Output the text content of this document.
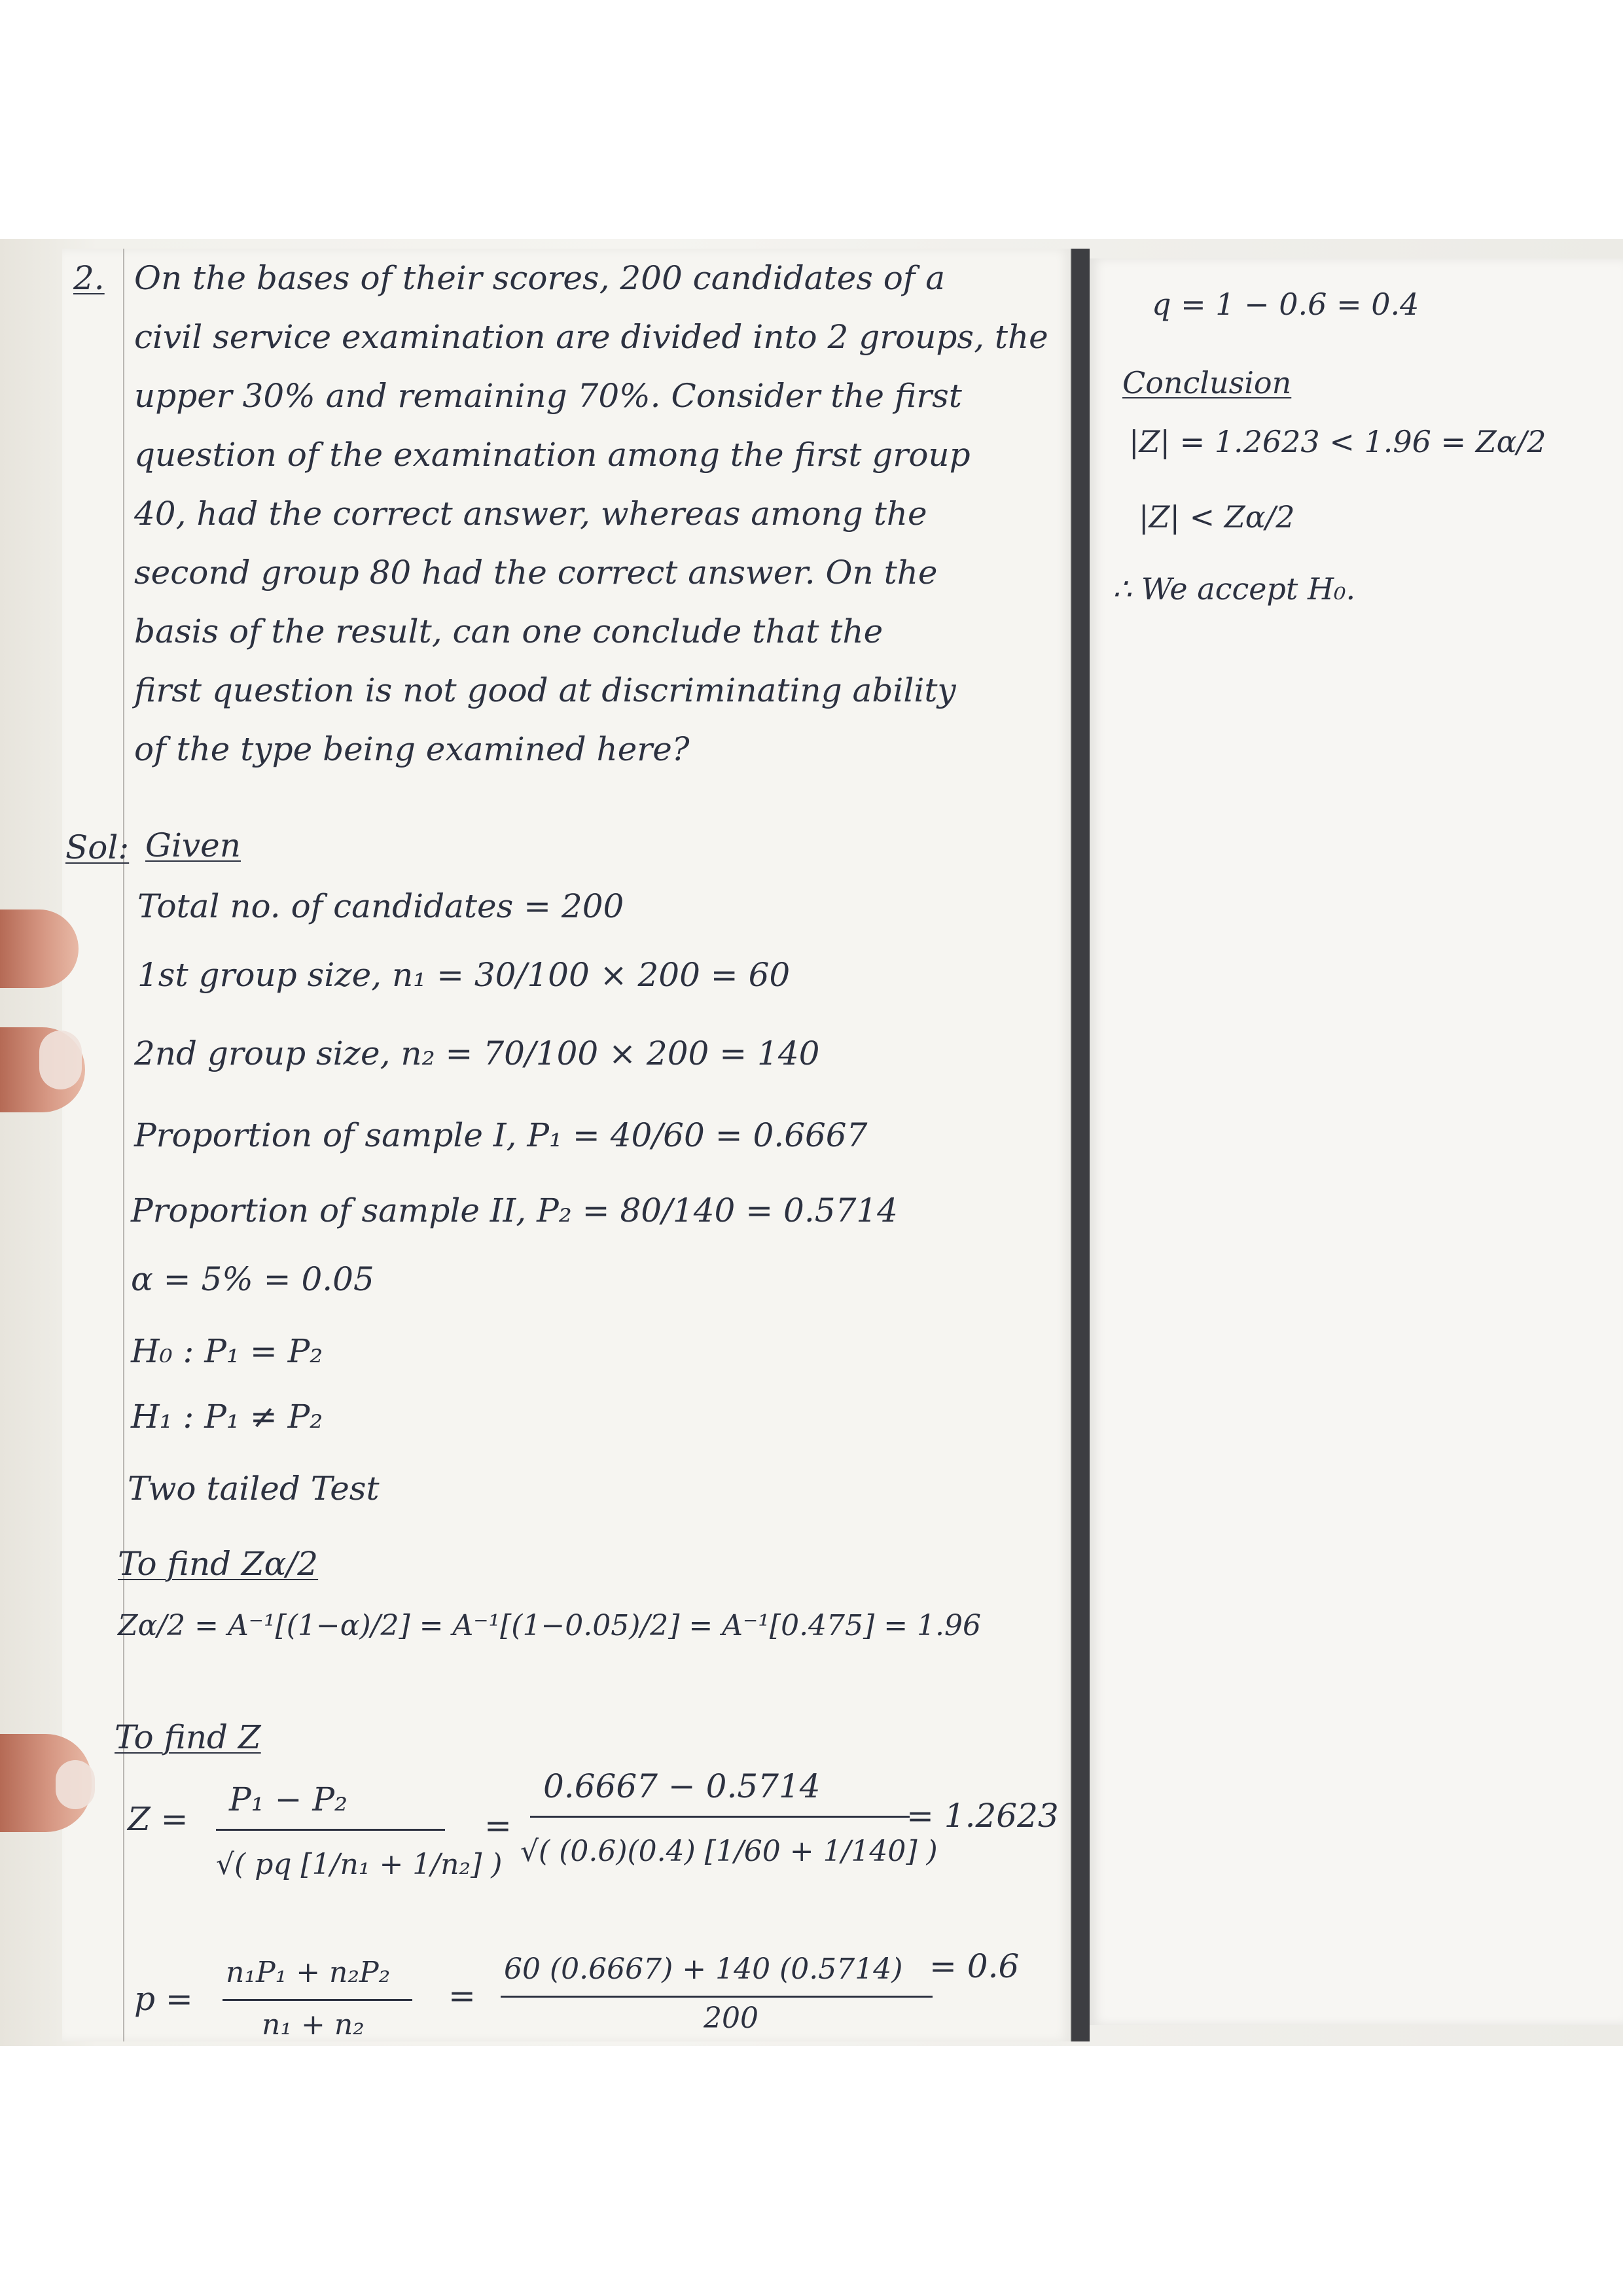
2. On the bases of their scores, 200 candidates of a
civil service examination are divided into 2 groups, the
upper 30% and remaining 70%. Consider the first
question of the examination among the first group
40, had the correct answer, whereas among the
second group 80 had the correct answer. On the
basis of the result, can one conclude that the
first question is not good at discriminating ability
of the type being examined here?
Sol: Given
Total no. of candidates = 200
1st group size, n₁ = 30/100 × 200 = 60
2nd group size, n₂ = 70/100 × 200 = 140
Proportion of sample I, P₁ = 40/60 = 0.6667
Proportion of sample II, P₂ = 80/140 = 0.5714
α = 5% = 0.05
H₀ : P₁ = P₂
H₁ : P₁ ≠ P₂
Two tailed Test
To find Zα/2
Zα/2 = A⁻¹[(1−α)/2] = A⁻¹[(1−0.05)/2] = A⁻¹[0.475] = 1.96
To find Z
Z =
P₁ − P₂
√( pq [1/n₁ + 1/n₂] )
=
0.6667 − 0.5714
√( (0.6)(0.4) [1/60 + 1/140] )
= 1.2623
p =
n₁P₁ + n₂P₂
n₁ + n₂
=
60 (0.6667) + 140 (0.5714)
200
= 0.6
q = 1 − 0.6 = 0.4
Conclusion
|Z| = 1.2623 < 1.96 = Zα/2
|Z| < Zα/2
∴ We accept H₀.
